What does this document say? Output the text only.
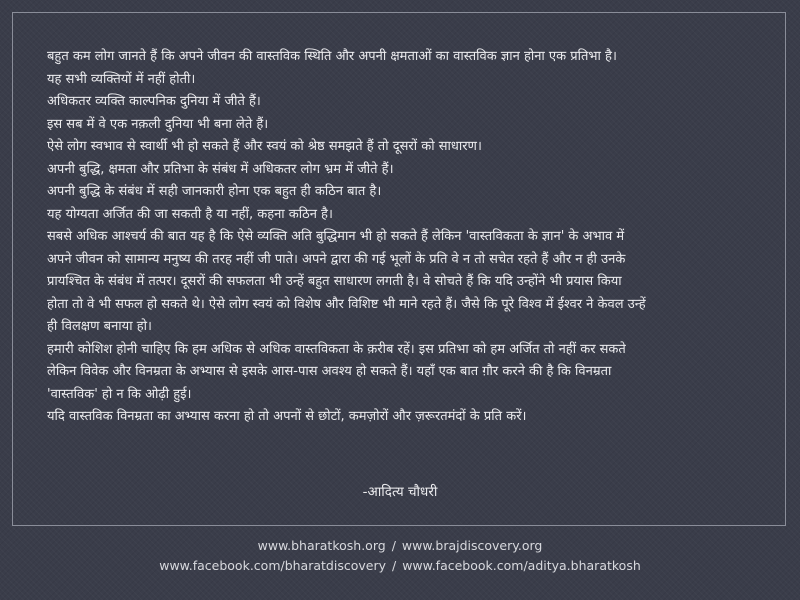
बहुत कम लोग जानते हैं कि अपने जीवन की वास्तविक स्थिति और अपनी क्षमताओं का वास्तविक ज्ञान होना एक प्रतिभा है।

यह सभी व्यक्तियों में नहीं होती।

अधिकतर व्यक्ति काल्पनिक दुनिया में जीते हैं।

इस सब में वे एक नक़ली दुनिया भी बना लेते हैं।

ऐसे लोग स्वभाव से स्वार्थी भी हो सकते हैं और स्वयं को श्रेष्ठ समझते हैं तो दूसरों को साधारण।

अपनी बुद्धि, क्षमता और प्रतिभा के संबंध में अधिकतर लोग भ्रम में जीते हैं।

अपनी बुद्धि के संबंध में सही जानकारी होना एक बहुत ही कठिन बात है।

यह योग्यता अर्जित की जा सकती है या नहीं, कहना कठिन है।

सबसे अधिक आश्चर्य की बात यह है कि ऐसे व्यक्ति अति बुद्धिमान भी हो सकते हैं लेकिन 'वास्तविकता के ज्ञान' के अभाव में

अपने जीवन को सामान्य मनुष्य की तरह नहीं जी पाते। अपने द्वारा की गई भूलों के प्रति वे न तो सचेत रहते हैं और न ही उनके

प्रायश्चित के संबंध में तत्पर। दूसरों की सफलता भी उन्हें बहुत साधारण लगती है। वे सोचते हैं कि यदि उन्होंने भी प्रयास किया

होता तो वे भी सफल हो सकते थे। ऐसे लोग स्वयं को विशेष और विशिष्ट भी माने रहते हैं। जैसे कि पूरे विश्व में ईश्वर ने केवल उन्हें

ही विलक्षण बनाया हो।

हमारी कोशिश होनी चाहिए कि हम अधिक से अधिक वास्तविकता के क़रीब रहें। इस प्रतिभा को हम अर्जित तो नहीं कर सकते

लेकिन विवेक और विनम्रता के अभ्यास से इसके आस-पास अवश्य हो सकते हैं। यहाँ एक बात ग़ौर करने की है कि विनम्रता

'वास्तविक' हो न कि ओढ़ी हुई।

यदि वास्तविक विनम्रता का अभ्यास करना हो तो अपनों से छोटों, कमज़ोरों और ज़रूरतमंदों के प्रति करें।

-आदित्य चौधरी
www.bharatkosh.org / www.brajdiscovery.org
www.facebook.com/bharatdiscovery / www.facebook.com/aditya.bharatkosh
